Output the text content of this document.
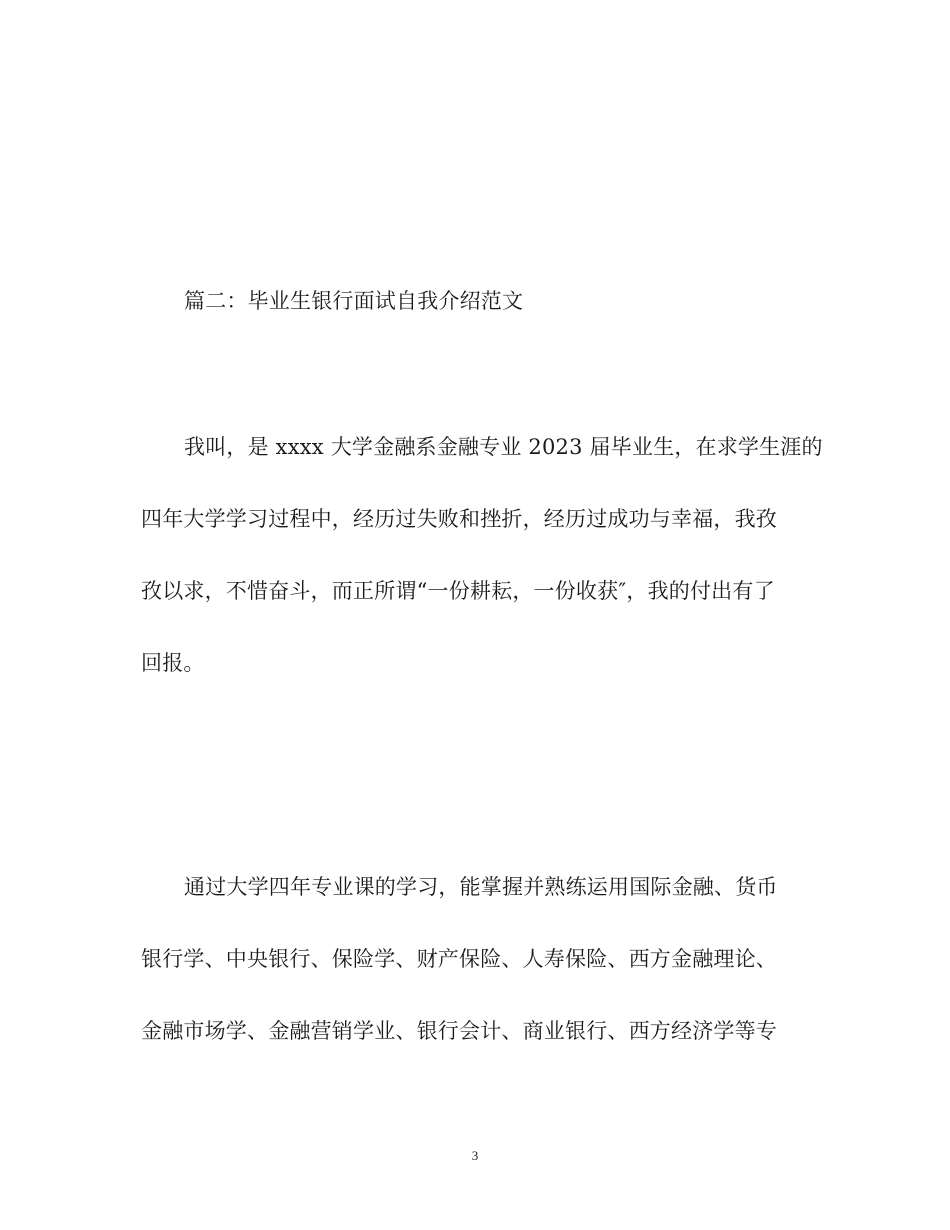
篇二：毕业生银行面试自我介绍范文
我叫，是 xxxx 大学金融系金融专业 2023 届毕业生，在求学生涯的
四年大学学习过程中，经历过失败和挫折，经历过成功与幸福，我孜
孜以求，不惜奋斗，而正所谓“一份耕耘，一份收获″，我的付出有了
回报。
通过大学四年专业课的学习，能掌握并熟练运用国际金融、货币
银行学、中央银行、保险学、财产保险、人寿保险、西方金融理论、
金融市场学、金融营销学业、银行会计、商业银行、西方经济学等专
3
